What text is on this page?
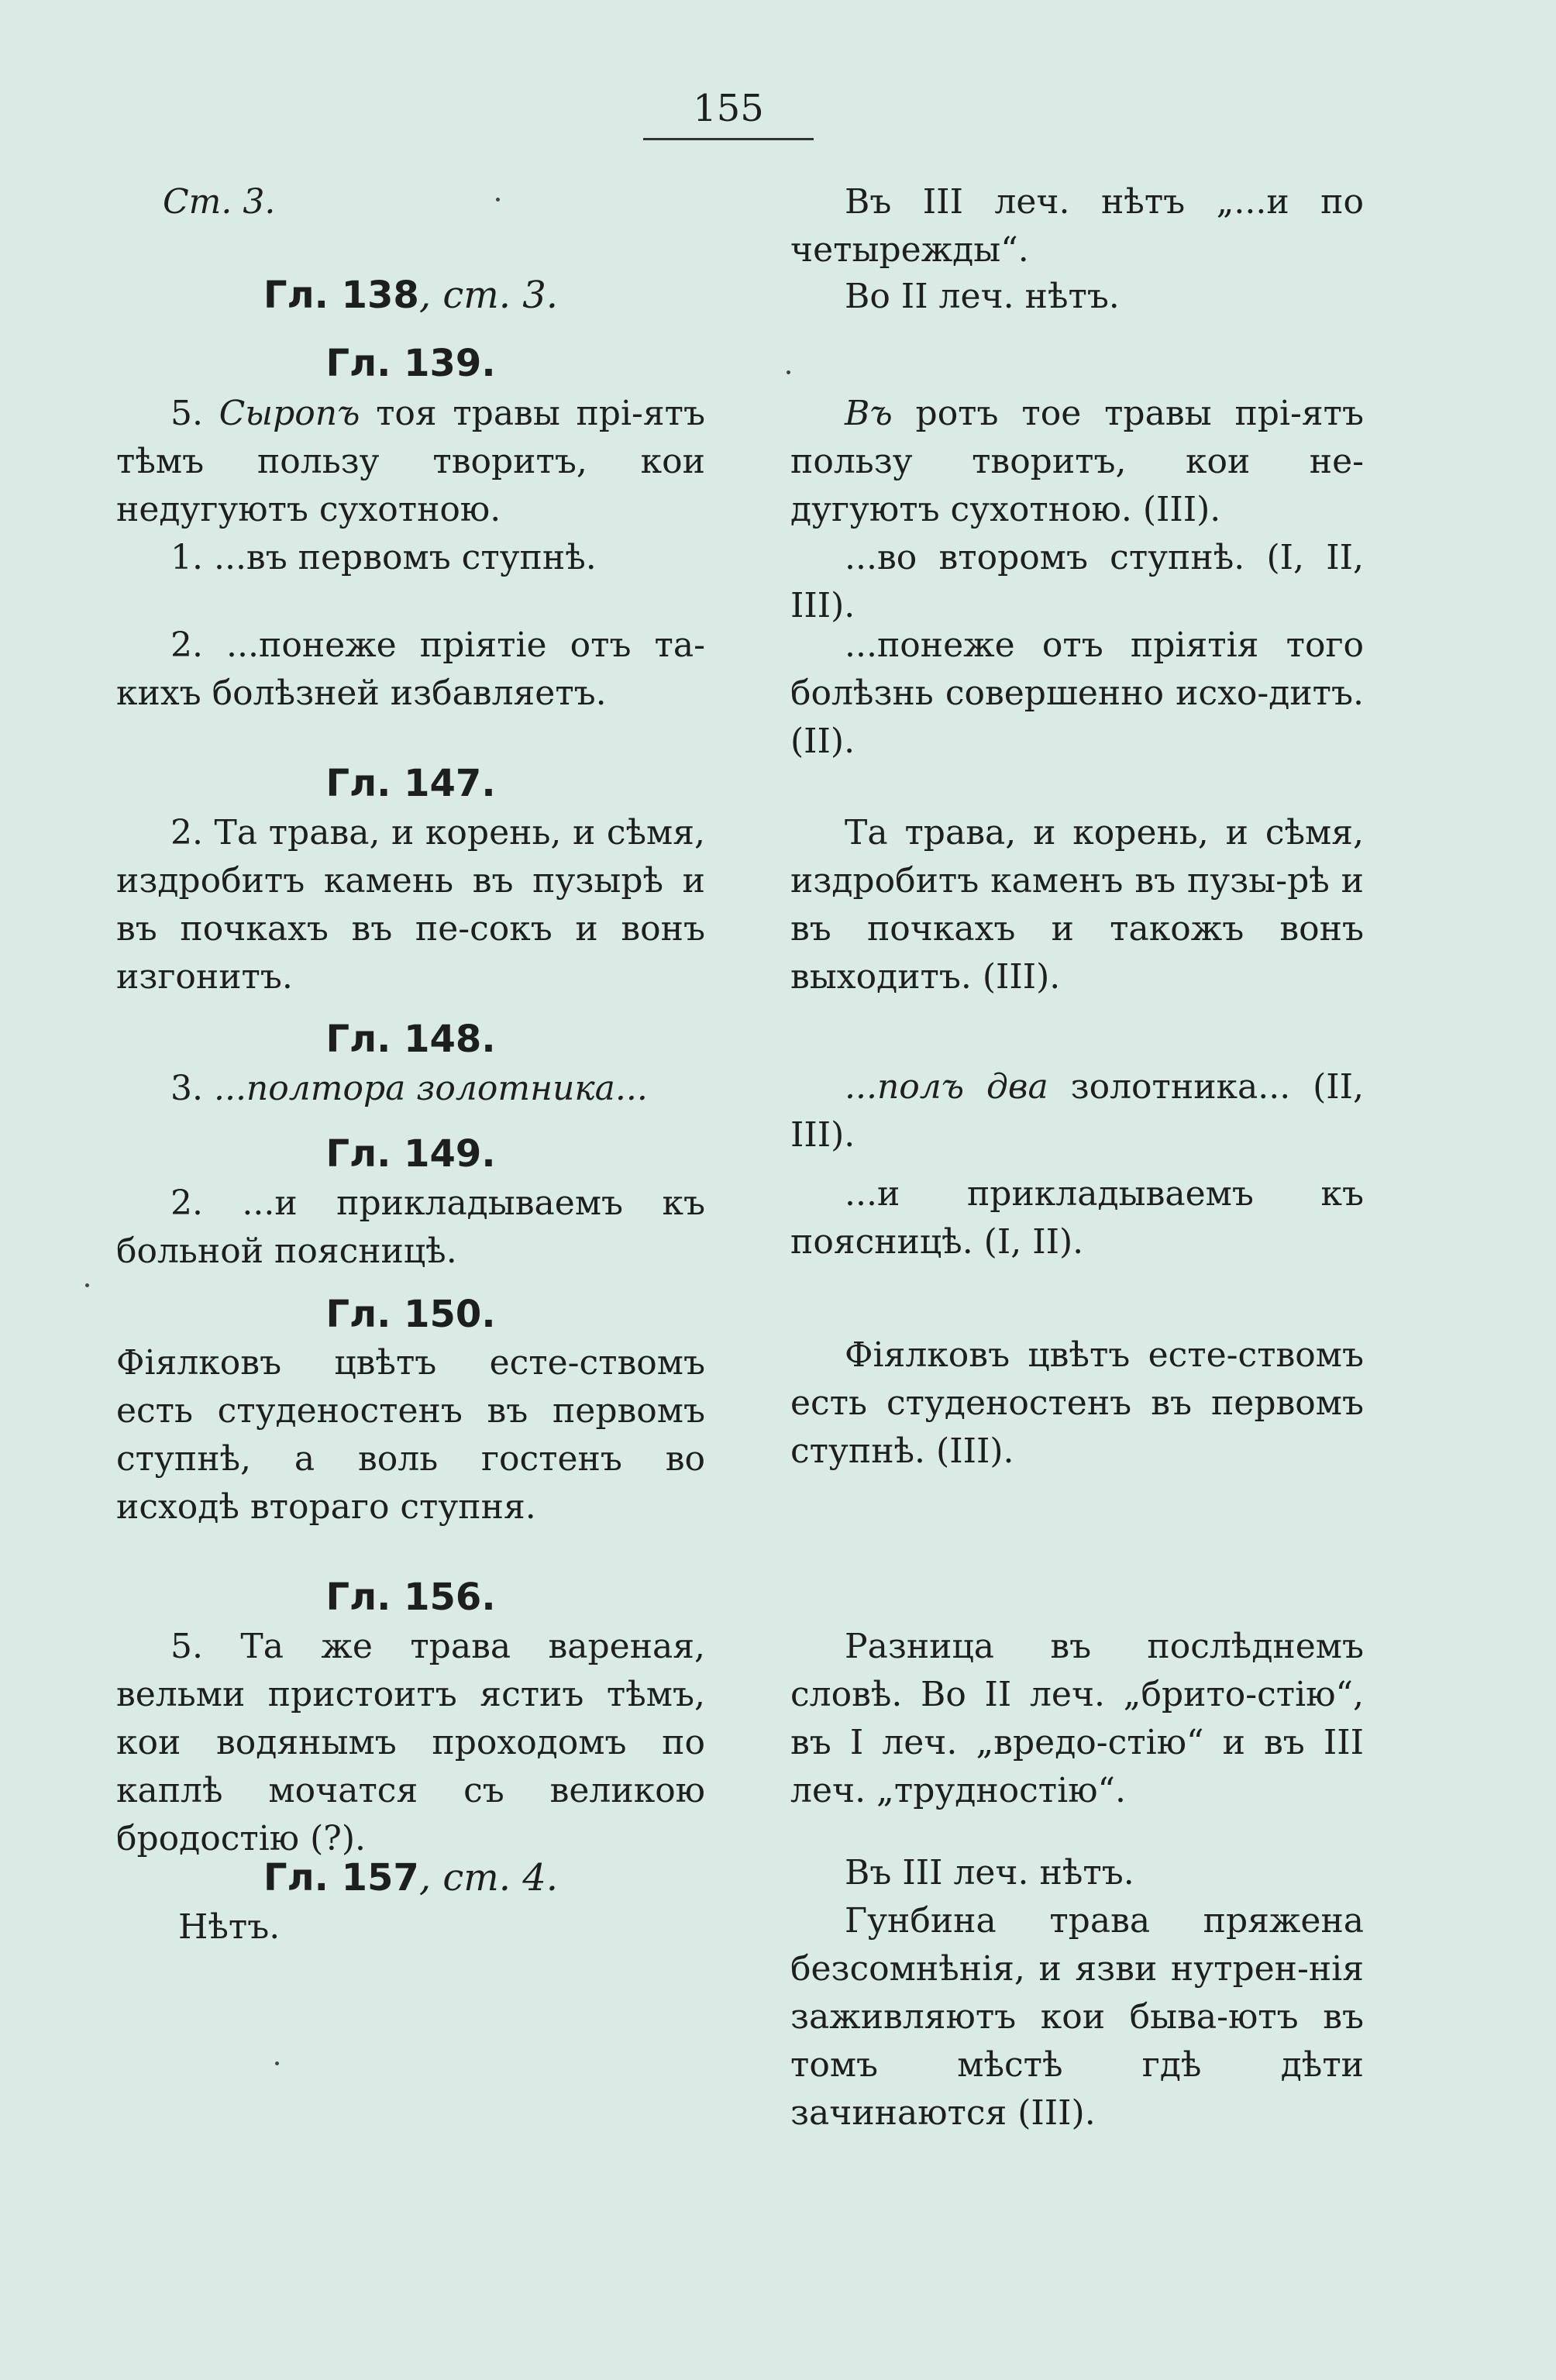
155

Ст. 3.

Гл. 138, ст. 3.

Гл. 139.

5. Сыропъ тоя травы прі-ятъ тѣмъ пользу творитъ, кои недугуютъ сухотною.

1. ...въ первомъ ступнѣ.

2. ...понеже пріятіе отъ та-кихъ болѣзней избавляетъ.

Гл. 147.

2. Та трава, и корень, и сѣмя, издробитъ камень въ пузырѣ и въ почкахъ въ пе-сокъ и вонъ изгонитъ.

Гл. 148.

3. ...полтора золотника...

Гл. 149.

2. ...и прикладываемъ къ больной поясницѣ.

Гл. 150.

Фіялковъ цвѣтъ есте-ствомъ есть студеностенъ въ первомъ ступнѣ, а воль гостенъ во исходѣ втораго ступня.

Гл. 156.

5. Та же трава вареная, вельми пристоитъ ястиъ тѣмъ, кои водянымъ проходомъ по каплѣ мочатся съ великою бродостію (?).

Гл. 157, ст. 4.

Нѣтъ.

Въ III леч. нѣтъ „...и по четырежды“.

Во II леч. нѣтъ.

Въ ротъ тое травы прі-ятъ пользу творитъ, кои не-дугуютъ сухотною. (III).

...во второмъ ступнѣ. (I, II, III).

...понеже отъ пріятія того болѣзнь совершенно исхо-дитъ. (II).

Та трава, и корень, и сѣмя, издробитъ каменъ въ пузы-рѣ и въ почкахъ и такожъ вонъ выходитъ. (III).

...полъ два золотника... (II, III).

...и прикладываемъ къ поясницѣ. (I, II).

Фіялковъ цвѣтъ есте-ствомъ есть студеностенъ въ первомъ ступнѣ. (III).

Разница въ послѣднемъ словѣ. Во II леч. „брито-стію“, въ I леч. „вредо-стію“ и въ III леч. „трудностію“.

Въ III леч. нѣтъ.

Гунбина трава пряжена безсомнѣнія, и язви нутрен-нія заживляютъ кои быва-ютъ въ томъ мѣстѣ гдѣ дѣти зачинаются (III).
